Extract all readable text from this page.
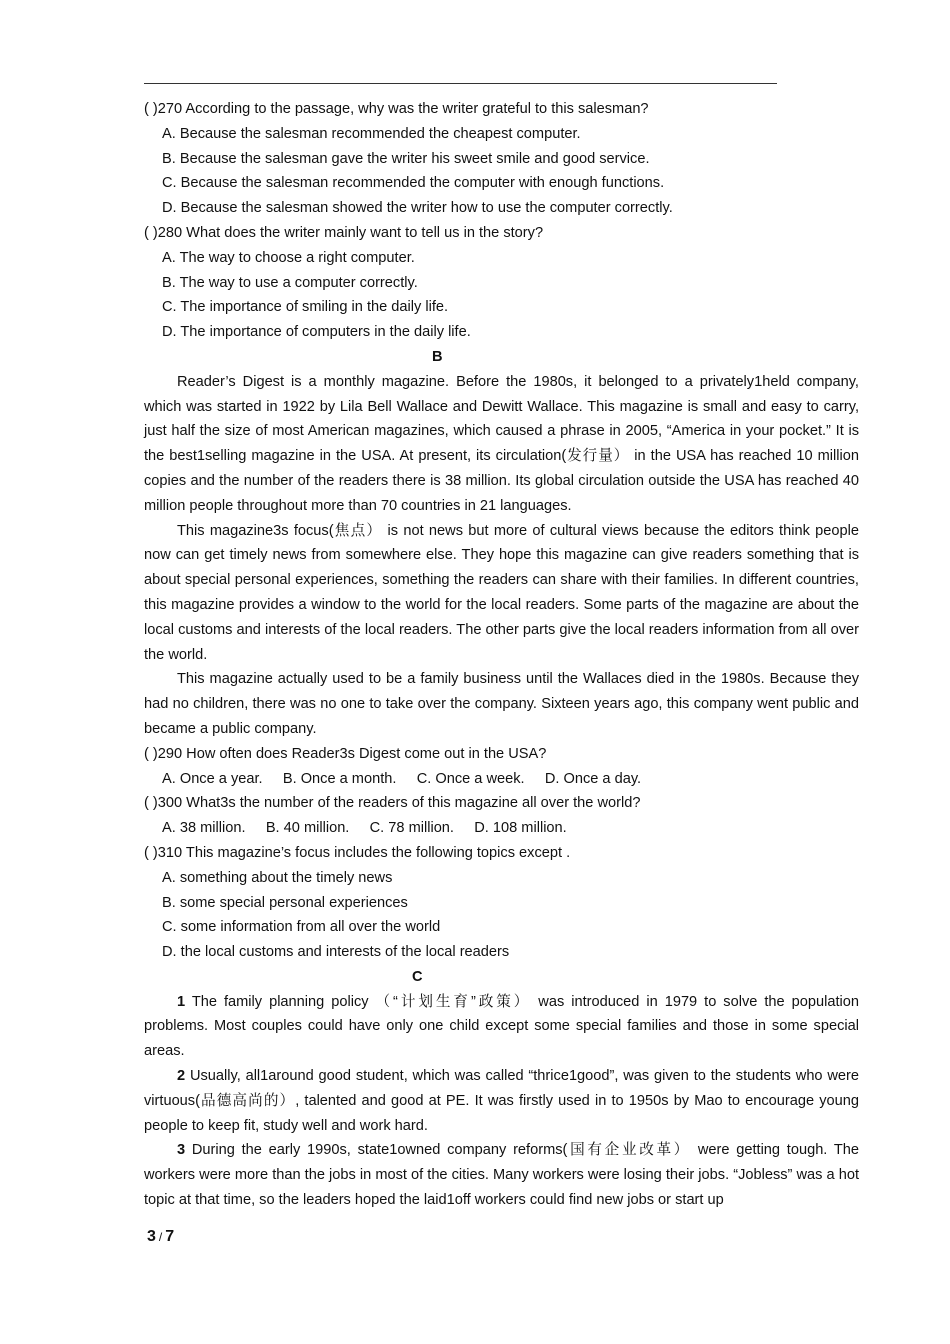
( )270 According to the passage, why was the writer grateful to this salesman?
A. Because the salesman recommended the cheapest computer.
B. Because the salesman gave the writer his sweet smile and good service.
C. Because the salesman recommended the computer with enough functions.
D. Because the salesman showed the writer how to use the computer correctly.
( )280 What does the writer mainly want to tell us in the story?
A. The way to choose a right computer.
B. The way to use a computer correctly.
C. The importance of smiling in the daily life.
D. The importance of computers in the daily life.
B

Reader’s Digest is a monthly magazine. Before the 1980s, it belonged to a privately1held company, which was started in 1922 by Lila Bell Wallace and Dewitt Wallace. This magazine is small and easy to carry, just half the size of most American magazines, which caused a phrase in 2005, “America in your pocket.” It is the best1selling magazine in the USA. At present, its circulation(发行量） in the USA has reached 10 million copies and the number of the readers there is 38 million. Its global circulation outside the USA has reached 40 million people throughout more than 70 countries in 21 languages.

This magazine3s focus(焦点） is not news but more of cultural views because the editors think people now can get timely news from somewhere else. They hope this magazine can give readers something that is about special personal experiences, something the readers can share with their families. In different countries, this magazine provides a window to the world for the local readers. Some parts of the magazine are about the local customs and interests of the local readers. The other parts give the local readers information from all over the world.

This magazine actually used to be a family business until the Wallaces died in the 1980s. Because they had no children, there was no one to take over the company. Sixteen years ago, this company went public and became a public company.

( )290 How often does Reader3s Digest come out in the USA?
A. Once a year.     B. Once a month.     C. Once a week.     D. Once a day.
( )300 What3s the number of the readers of this magazine all over the world?
A. 38 million.     B. 40 million.     C. 78 million.     D. 108 million.
( )310 This magazine’s focus includes the following topics except .
A. something about the timely news
B. some special personal experiences
C. some information from all over the world
D. the local customs and interests of the local readers
C

1 The family planning policy （“计划生育”政策） was introduced in 1979 to solve the population problems. Most couples could have only one child except some special families and those in some special areas.

2 Usually, all1around good student, which was called “thrice1good”, was given to the students who were virtuous(品德高尚的）, talented and good at PE. It was firstly used in to 1950s by Mao to encourage young people to keep fit, study well and work hard.

3 During the early 1990s, state1owned company reforms(国有企业改革） were getting tough. The workers were more than the jobs in most of the cities. Many workers were losing their jobs. “Jobless” was a hot topic at that time, so the leaders hoped the laid1off workers could find new jobs or start up

3 / 7
